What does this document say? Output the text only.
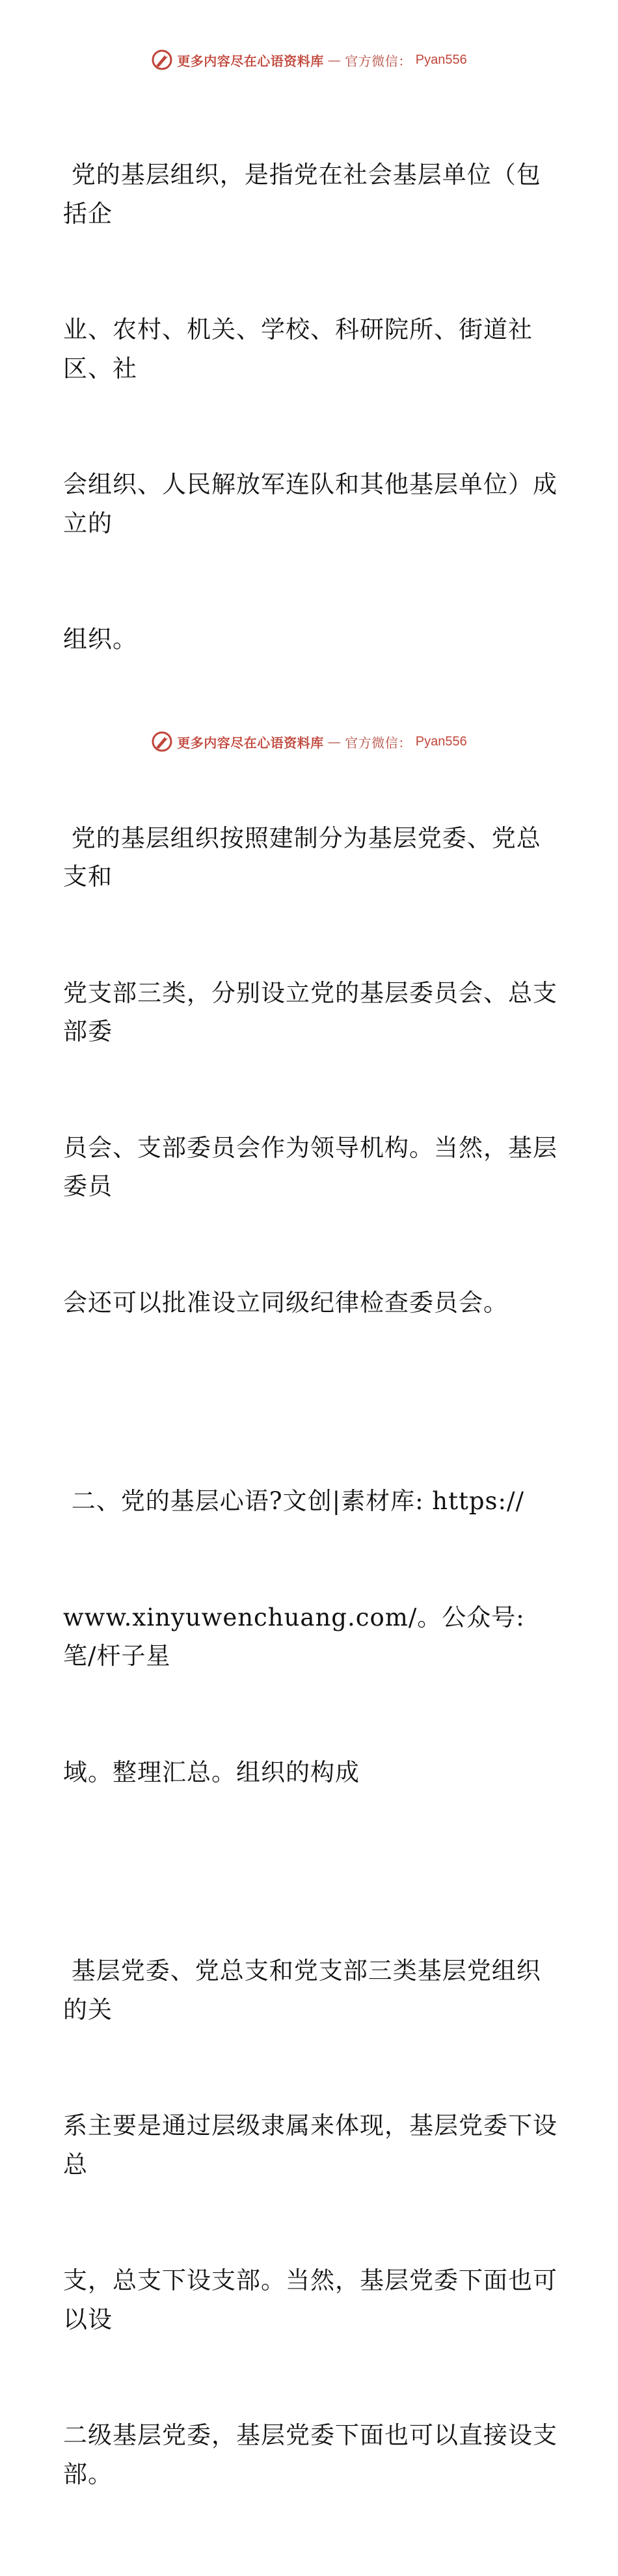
更多内容尽在心语资料库 — 官方微信： Pyan556

党的基层组织，是指党在社会基层单位（包括企

业、农村、机关、学校、科研院所、街道社区、社

会组织、人民解放军连队和其他基层单位）成立的

组织。

党的基层组织按照建制分为基层党委、党总支和

党支部三类，分别设立党的基层委员会、总支部委

员会、支部委员会作为领导机构。当然，基层委员

会还可以批准设立同级纪律检查委员会。

二、党的基层心语?文创|素材库: https://

www.xinyuwenchuang.com/。公众号: 笔/杆子星

域。整理汇总。组织的构成

基层党委、党总支和党支部三类基层党组织的关

系主要是通过层级隶属来体现，基层党委下设总

支，总支下设支部。当然，基层党委下面也可以设

二级基层党委，基层党委下面也可以直接设支部。

更多内容尽在心语资料库 — 官方微信： Pyan556
